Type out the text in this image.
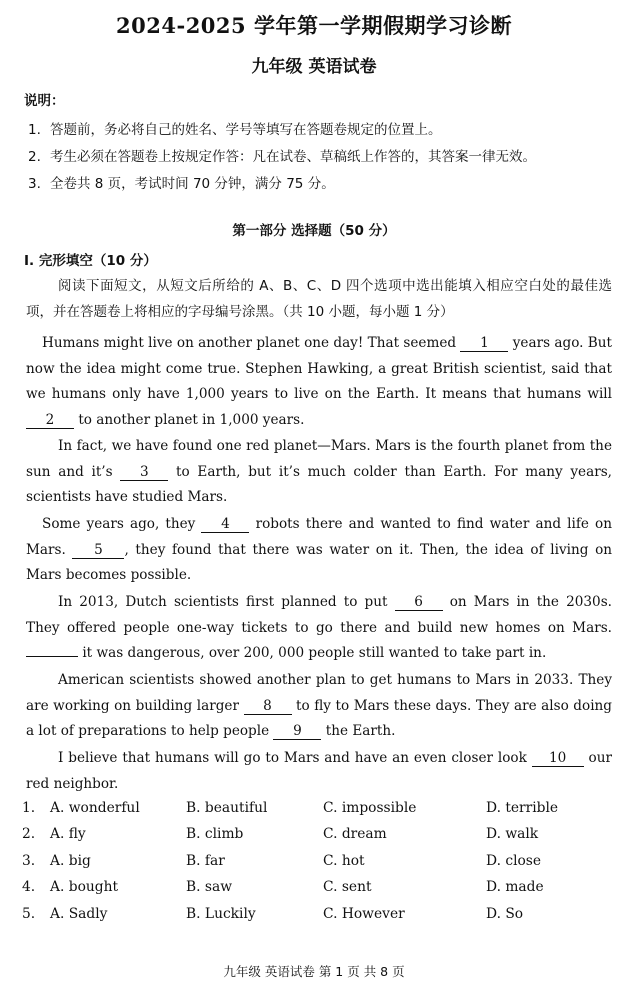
2024-2025 学年第一学期假期学习诊断
九年级 英语试卷
说明：
1. 答题前，务必将自己的姓名、学号等填写在答题卷规定的位置上。
2. 考生必须在答题卷上按规定作答：凡在试卷、草稿纸上作答的，其答案一律无效。
3. 全卷共 8 页，考试时间 70 分钟，满分 75 分。
第一部分 选择题（50 分）
I. 完形填空（10 分）
阅读下面短文，从短文后所给的 A、B、C、D 四个选项中选出能填入相应空白处的最佳选项，并在答题卷上将相应的字母编号涂黑。（共 10 小题，每小题 1 分）
Humans might live on another planet one day! That seemed 1 years ago. But now the idea might come true. Stephen Hawking, a great British scientist, said that we humans only have 1,000 years to live on the Earth. It means that humans will 2 to another planet in 1,000 years.
In fact, we have found one red planet—Mars. Mars is the fourth planet from the sun and it’s 3 to Earth, but it’s much colder than Earth. For many years, scientists have studied Mars.
Some years ago, they 4 robots there and wanted to find water and life on Mars. 5 , they found that there was water on it. Then, the idea of living on Mars becomes possible.
In 2013, Dutch scientists first planned to put 6 on Mars in the 2030s. They offered people one-way tickets to go there and build new homes on Mars.  it was dangerous, over 200, 000 people still wanted to take part in.
American scientists showed another plan to get humans to Mars in 2033. They are working on building larger 8 to fly to Mars these days. They are also doing a lot of preparations to help people 9 the Earth.
I believe that humans will go to Mars and have an even closer look 10 our red neighbor.
1. A. wonderful	B. beautiful	C. impossible	D. terrible
2. A. fly	B. climb	C. dream	D. walk
3. A. big	B. far	C. hot	D. close
4. A. bought	B. saw	C. sent	D. made
5. A. Sadly	B. Luckily	C. However	D. So
九年级 英语试卷 第 1 页 共 8 页
